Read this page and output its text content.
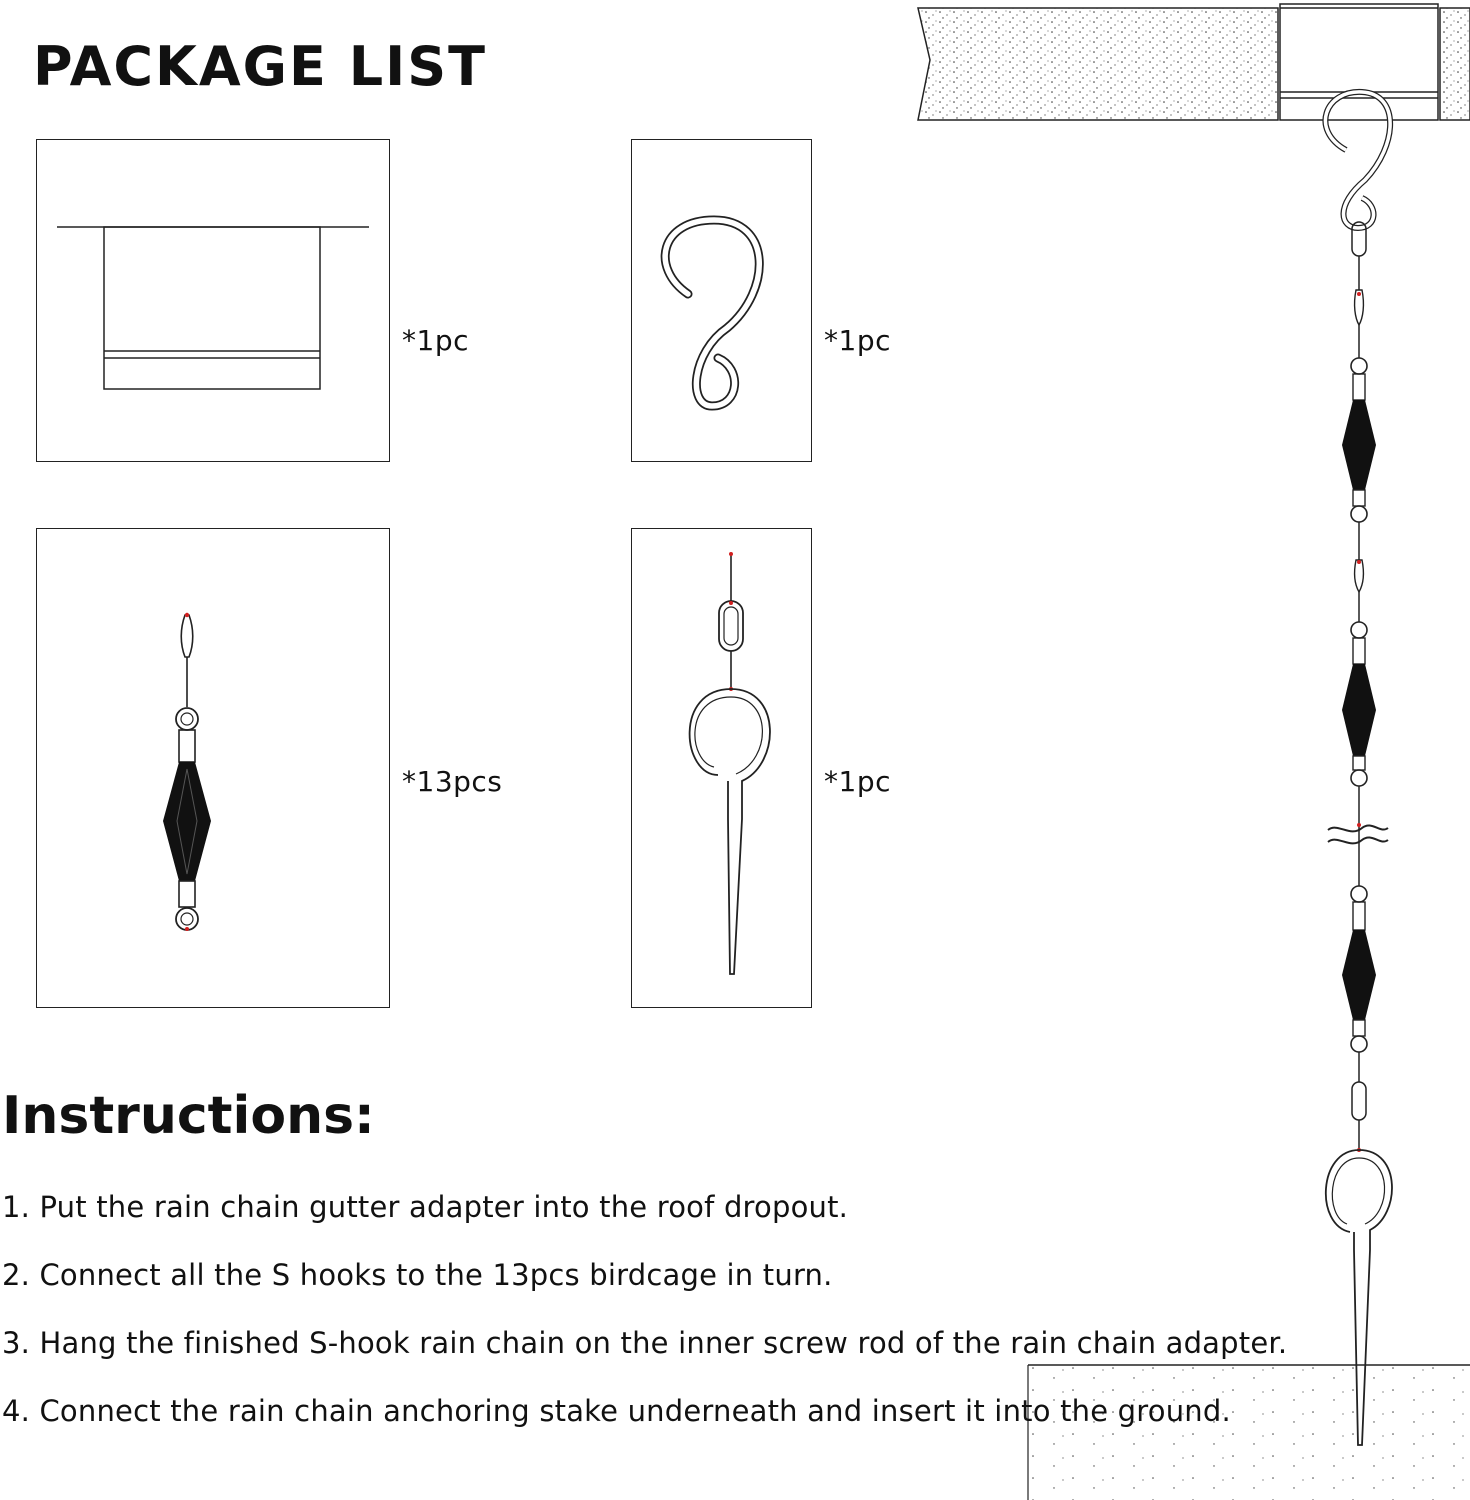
PACKAGE LIST
*1pc	*1pc
*13pcs	*1pc
Instructions:
1. Put the rain chain gutter adapter into the roof dropout.
2. Connect all the S hooks to the 13pcs birdcage in turn.
3. Hang the finished S-hook rain chain on the inner screw rod of the rain chain adapter.
4. Connect the rain chain anchoring stake underneath and insert it into the ground.
